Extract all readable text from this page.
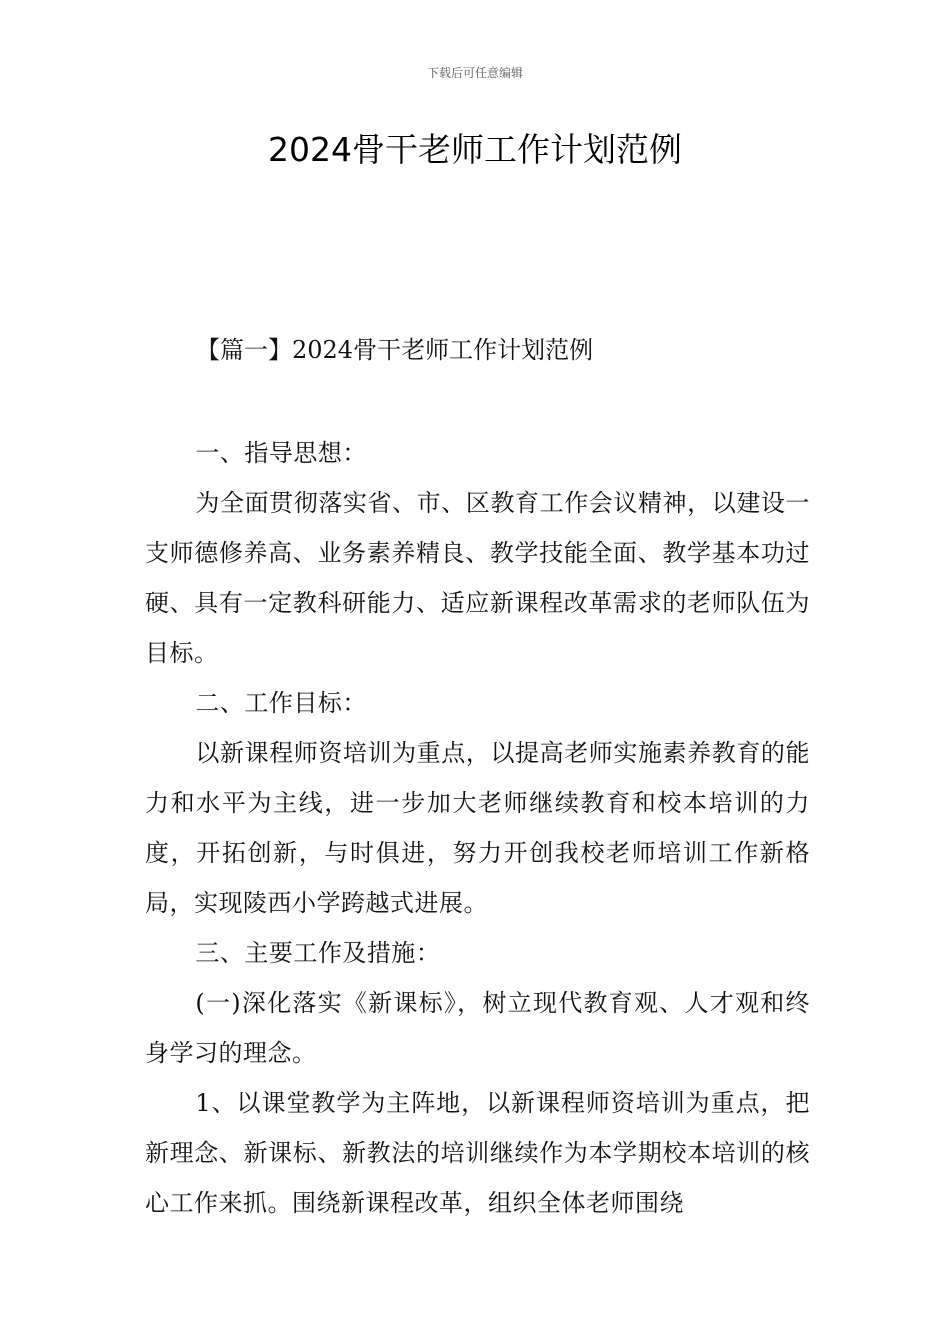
下载后可任意编辑
2024骨干老师工作计划范例
【篇一】2024骨干老师工作计划范例

一、指导思想：

为全面贯彻落实省、市、区教育工作会议精神，以建设一支师德修养高、业务素养精良、教学技能全面、教学基本功过硬、具有一定教科研能力、适应新课程改革需求的老师队伍为目标。

二、工作目标：

以新课程师资培训为重点，以提高老师实施素养教育的能力和水平为主线，进一步加大老师继续教育和校本培训的力度，开拓创新，与时俱进，努力开创我校老师培训工作新格局，实现陵西小学跨越式进展。

三、主要工作及措施：

(一)深化落实《新课标》，树立现代教育观、人才观和终身学习的理念。

1、以课堂教学为主阵地，以新课程师资培训为重点，把新理念、新课标、新教法的培训继续作为本学期校本培训的核心工作来抓。围绕新课程改革，组织全体老师围绕
